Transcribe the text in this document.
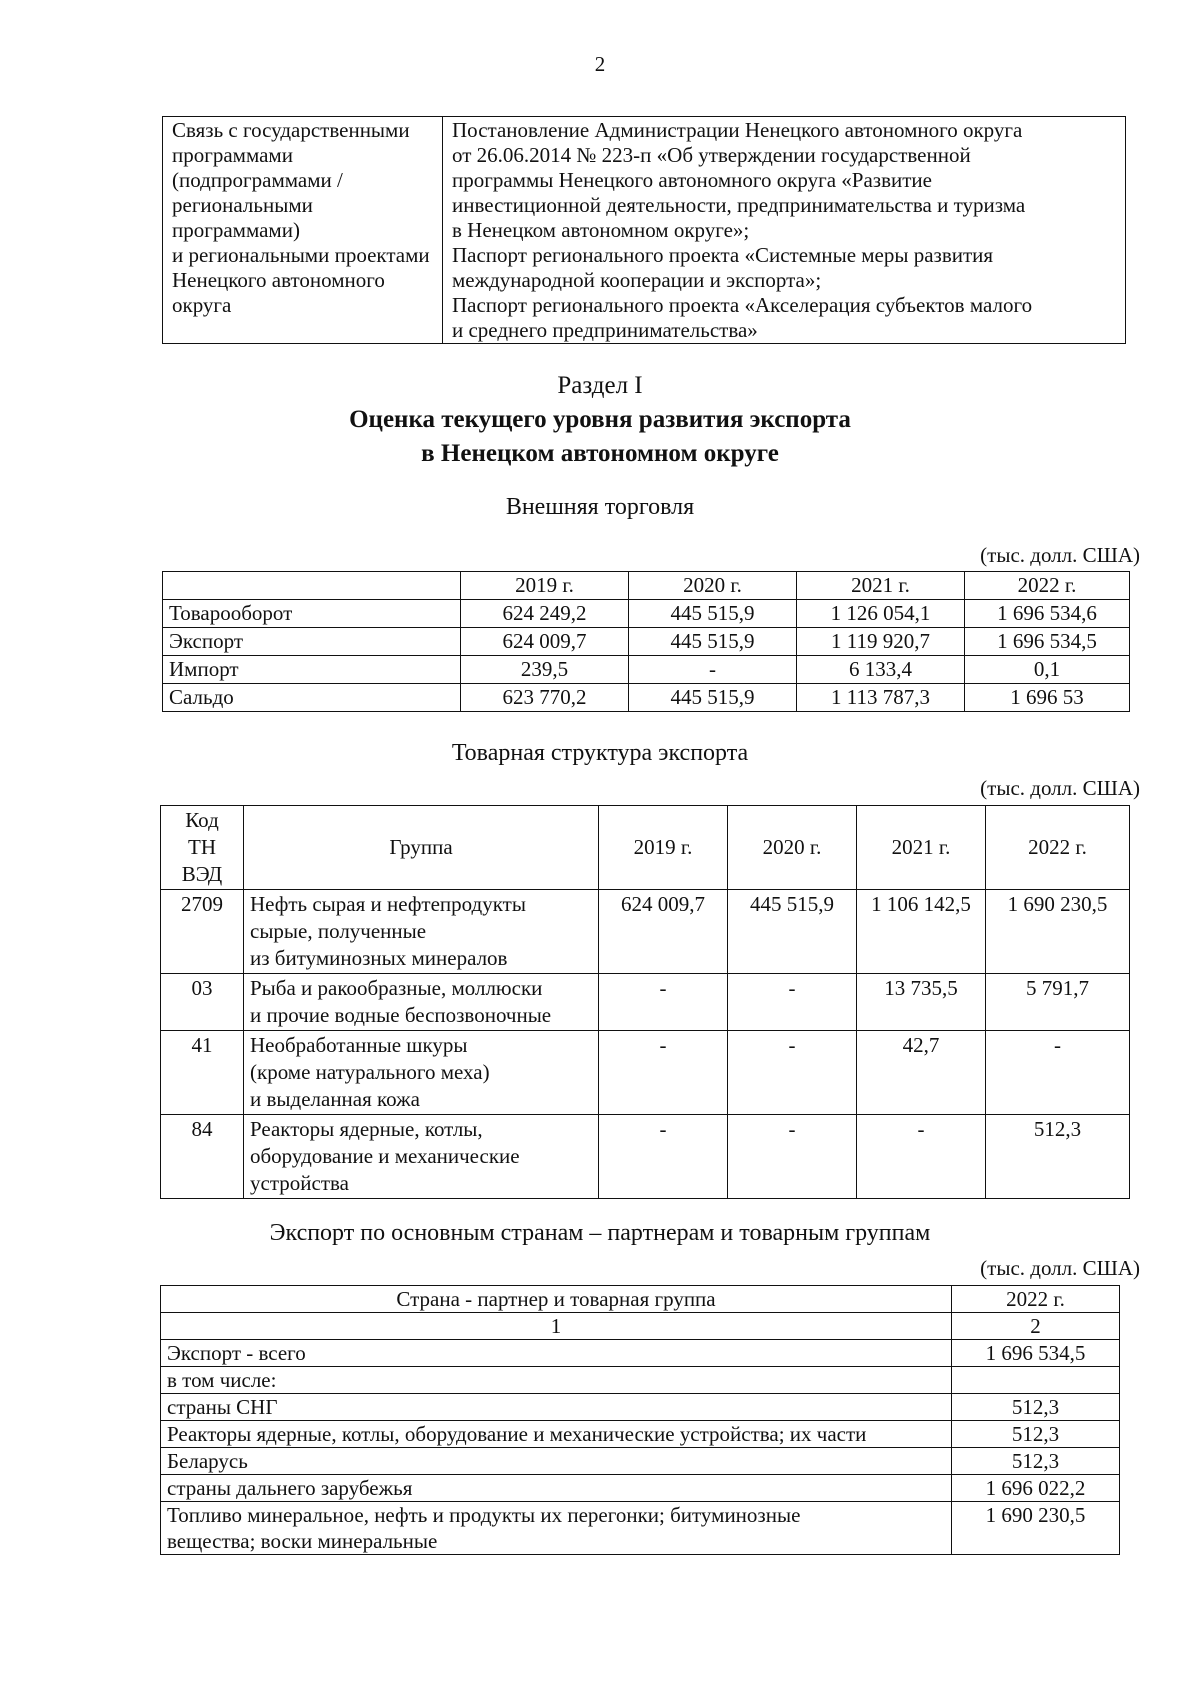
2
Связь с государственными
программами
(подпрограммами /
региональными
программами)
и региональными проектами
Ненецкого автономного
округа

Постановление Администрации Ненецкого автономного округа
от 26.06.2014 № 223-п «Об утверждении государственной
программы Ненецкого автономного округа «Развитие
инвестиционной деятельности, предпринимательства и туризма
в Ненецком автономном округе»;
Паспорт регионального проекта «Системные меры развития
международной кооперации и экспорта»;
Паспорт регионального проекта «Акселерация субъектов малого
и среднего предпринимательства»
Раздел I
Оценка текущего уровня развития экспорта
в Ненецком автономном округе
Внешняя торговля
(тыс. долл. США)
	2019 г.	2020 г.	2021 г.	2022 г.
Товарооборот	624 249,2	445 515,9	1 126 054,1	1 696 534,6
Экспорт	624 009,7	445 515,9	1 119 920,7	1 696 534,5
Импорт	239,5	-	6 133,4	0,1
Сальдо	623 770,2	445 515,9	1 113 787,3	1 696 53
Товарная структура экспорта
(тыс. долл. США)
Код
ТН
ВЭД	Группа	2019 г.	2020 г.	2021 г.	2022 г.
2709	Нефть сырая и нефтепродукты
сырые, полученные
из битуминозных минералов	624 009,7	445 515,9	1 106 142,5	1 690 230,5
03	Рыба и ракообразные, моллюски
и прочие водные беспозвоночные	-	-	13 735,5	5 791,7
41	Необработанные шкуры
(кроме натурального меха)
и выделанная кожа	-	-	42,7	-
84	Реакторы ядерные, котлы,
оборудование и механические
устройства	-	-	-	512,3
Экспорт по основным странам – партнерам и товарным группам
(тыс. долл. США)
Страна - партнер и товарная группа	2022 г.
1	2
Экспорт - всего	1 696 534,5
в том числе:	
страны СНГ	512,3
Реакторы ядерные, котлы, оборудование и механические устройства; их части	512,3
Беларусь	512,3
страны дальнего зарубежья	1 696 022,2

Топливо минеральное, нефть и продукты их перегонки; битуминозные
вещества; воски минеральные	1 690 230,5
